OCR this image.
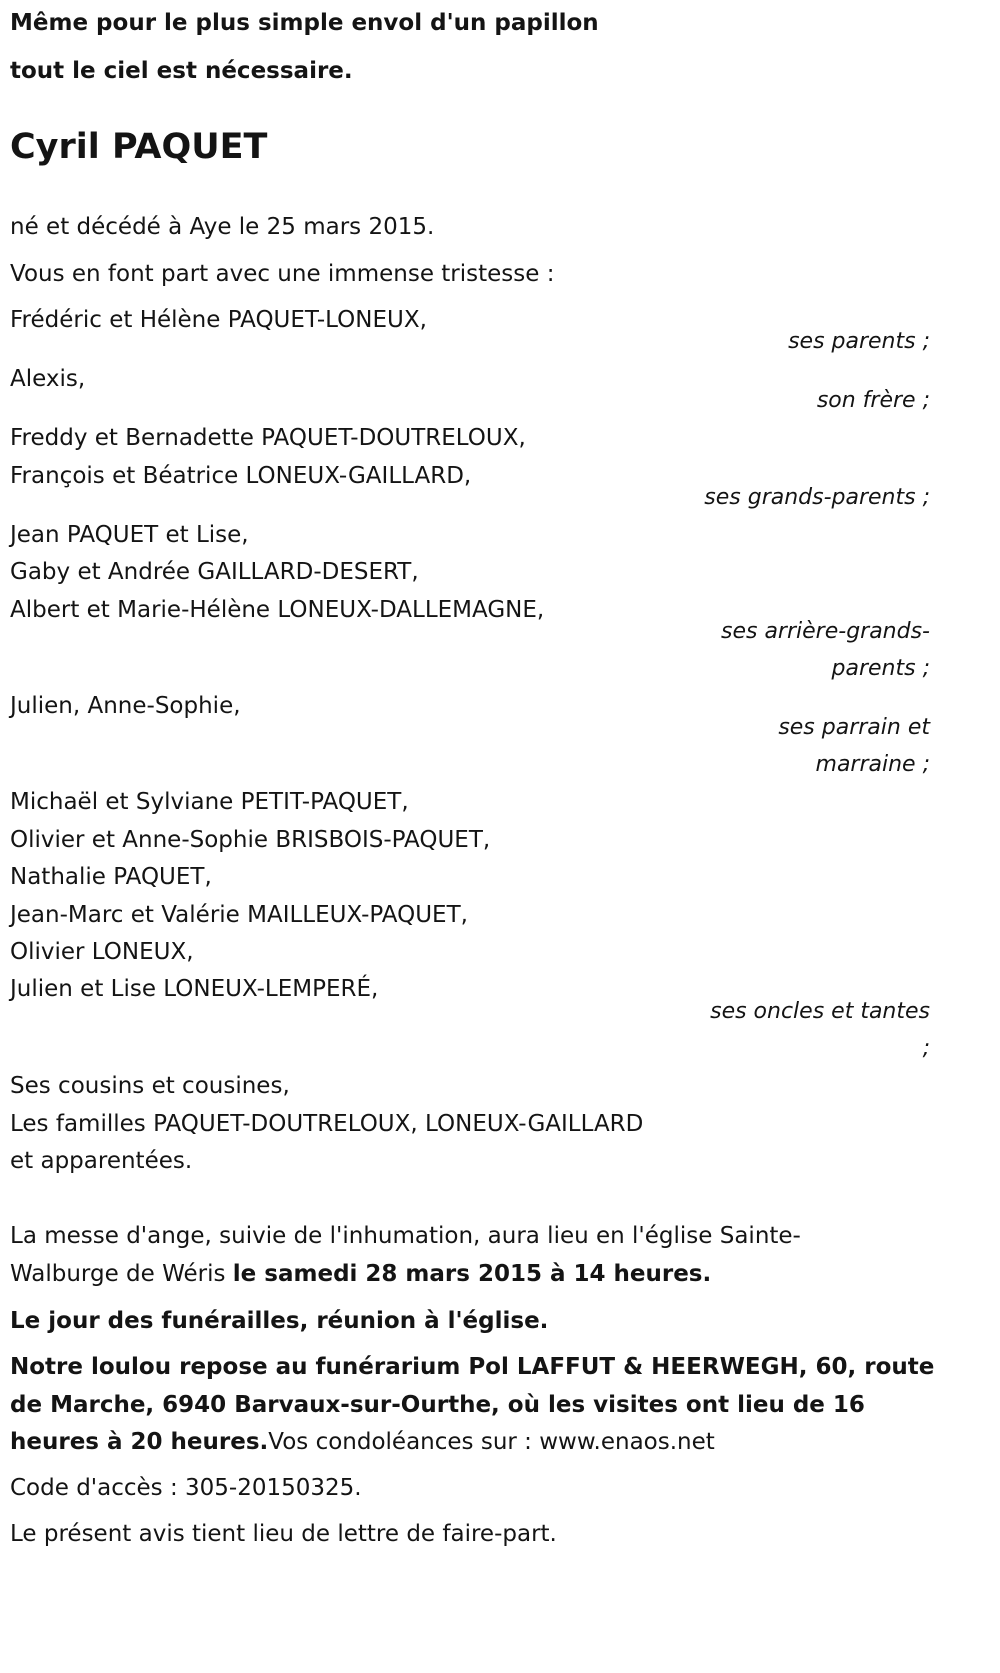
Même pour le plus simple envol d'un papillon
tout le ciel est nécessaire.
Cyril PAQUET
né et décédé à Aye le 25 mars 2015.
Vous en font part avec une immense tristesse :
Frédéric et Hélène PAQUET-LONEUX,
ses parents ;
Alexis,
son frère ;
Freddy et Bernadette PAQUET-DOUTRELOUX,
François et Béatrice LONEUX-GAILLARD,
ses grands-parents ;
Jean PAQUET et Lise,
Gaby et Andrée GAILLARD-DESERT,
Albert et Marie-Hélène LONEUX-DALLEMAGNE,
ses arrière-grands-
parents ;
Julien, Anne-Sophie,
ses parrain et
marraine ;
Michaël et Sylviane PETIT-PAQUET,
Olivier et Anne-Sophie BRISBOIS-PAQUET,
Nathalie PAQUET,
Jean-Marc et Valérie MAILLEUX-PAQUET,
Olivier LONEUX,
Julien et Lise LONEUX-LEMPERÉ,
ses oncles et tantes
;
Ses cousins et cousines,
Les familles PAQUET-DOUTRELOUX, LONEUX-GAILLARD
et apparentées.
La messe d'ange, suivie de l'inhumation, aura lieu en l'église Sainte-
Walburge de Wéris le samedi 28 mars 2015 à 14 heures.
Le jour des funérailles, réunion à l'église.
Notre loulou repose au funérarium Pol LAFFUT & HEERWEGH, 60, route
de Marche, 6940 Barvaux-sur-Ourthe, où les visites ont lieu de 16
heures à 20 heures.Vos condoléances sur : www.enaos.net
Code d'accès : 305-20150325.
Le présent avis tient lieu de lettre de faire-part.
